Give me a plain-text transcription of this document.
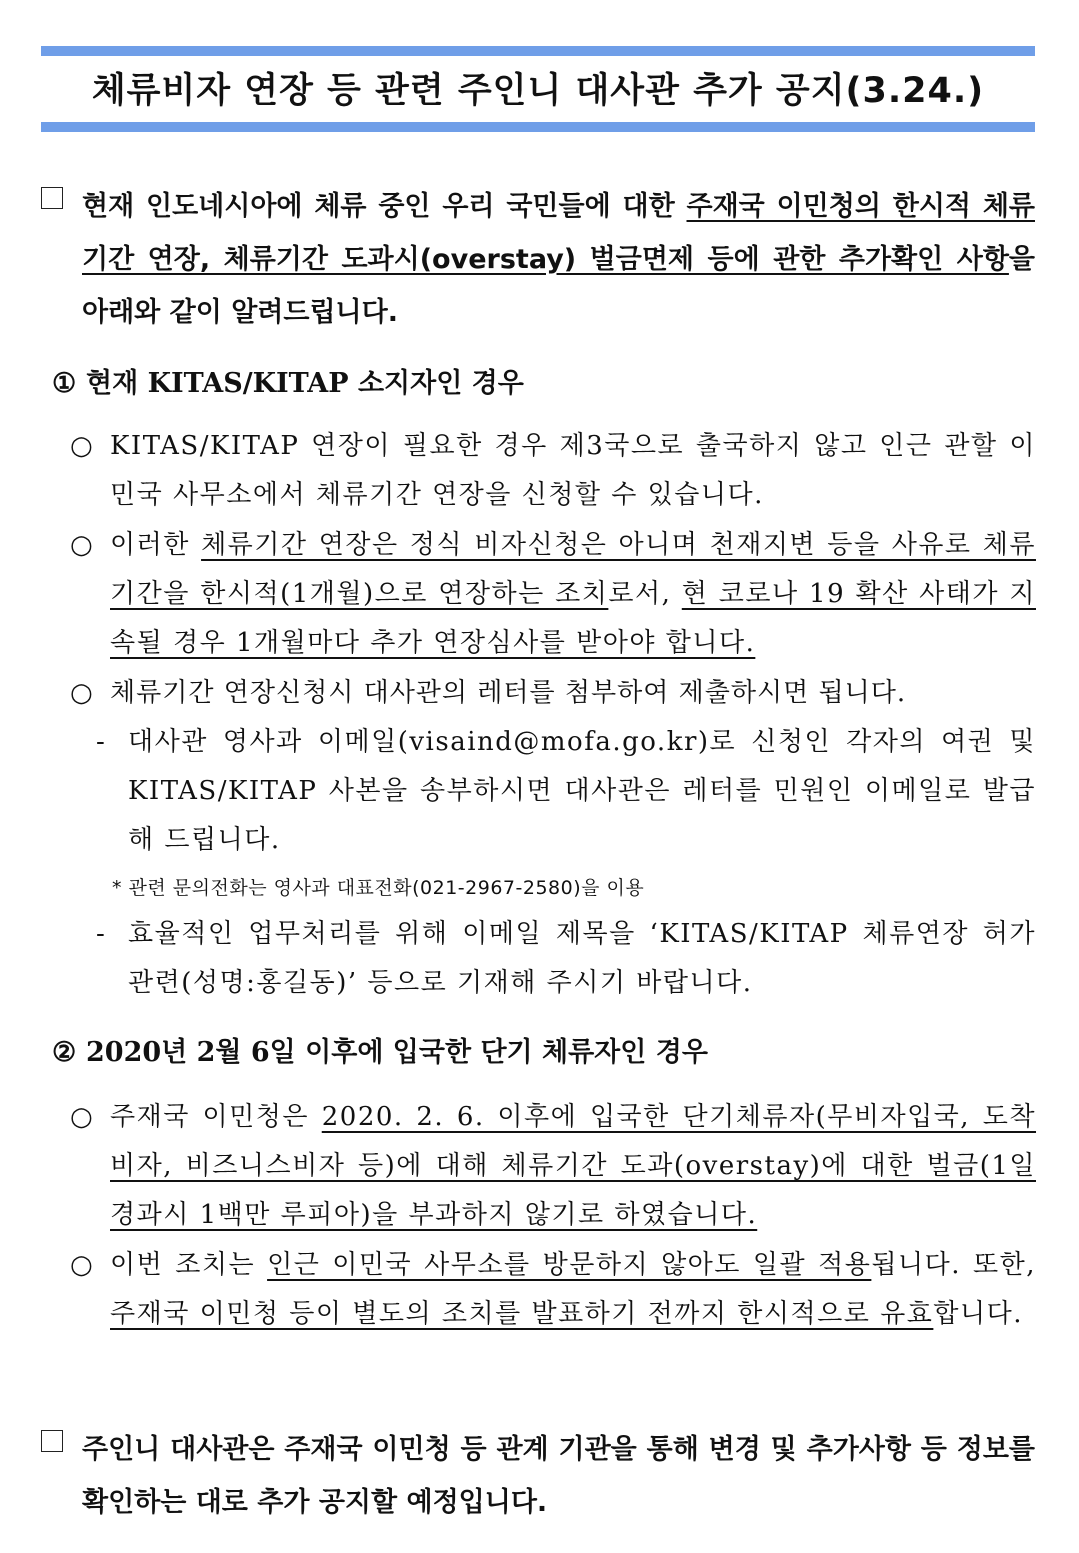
체류비자 연장 등 관련 주인니 대사관 추가 공지(3.24.)
현재 인도네시아에 체류 중인 우리 국민들에 대한 주재국 이민청의 한시적 체류기간 연장, 체류기간 도과시(overstay) 벌금면제 등에 관한 추가확인 사항을 아래와 같이 알려드립니다.
① 현재 KITAS/KITAP 소지자인 경우
○ KITAS/KITAP 연장이 필요한 경우 제3국으로 출국하지 않고 인근 관할 이민국 사무소에서 체류기간 연장을 신청할 수 있습니다.
○ 이러한 체류기간 연장은 정식 비자신청은 아니며 천재지변 등을 사유로 체류기간을 한시적(1개월)으로 연장하는 조치로서, 현 코로나 19 확산 사태가 지속될 경우 1개월마다 추가 연장심사를 받아야 합니다.
○ 체류기간 연장신청시 대사관의 레터를 첨부하여 제출하시면 됩니다.
- 대사관 영사과 이메일(visaind@mofa.go.kr)로 신청인 각자의 여권 및 KITAS/KITAP 사본을 송부하시면 대사관은 레터를 민원인 이메일로 발급해 드립니다.
* 관련 문의전화는 영사과 대표전화(021-2967-2580)을 이용
- 효율적인 업무처리를 위해 이메일 제목을 ‘KITAS/KITAP 체류연장 허가 관련(성명:홍길동)’ 등으로 기재해 주시기 바랍니다.
② 2020년 2월 6일 이후에 입국한 단기 체류자인 경우
○ 주재국 이민청은 2020. 2. 6. 이후에 입국한 단기체류자(무비자입국, 도착비자, 비즈니스비자 등)에 대해 체류기간 도과(overstay)에 대한 벌금(1일 경과시 1백만 루피아)을 부과하지 않기로 하였습니다.
○ 이번 조치는 인근 이민국 사무소를 방문하지 않아도 일괄 적용됩니다. 또한, 주재국 이민청 등이 별도의 조치를 발표하기 전까지 한시적으로 유효합니다.
주인니 대사관은 주재국 이민청 등 관계 기관을 통해 변경 및 추가사항 등 정보를 확인하는 대로 추가 공지할 예정입니다.
